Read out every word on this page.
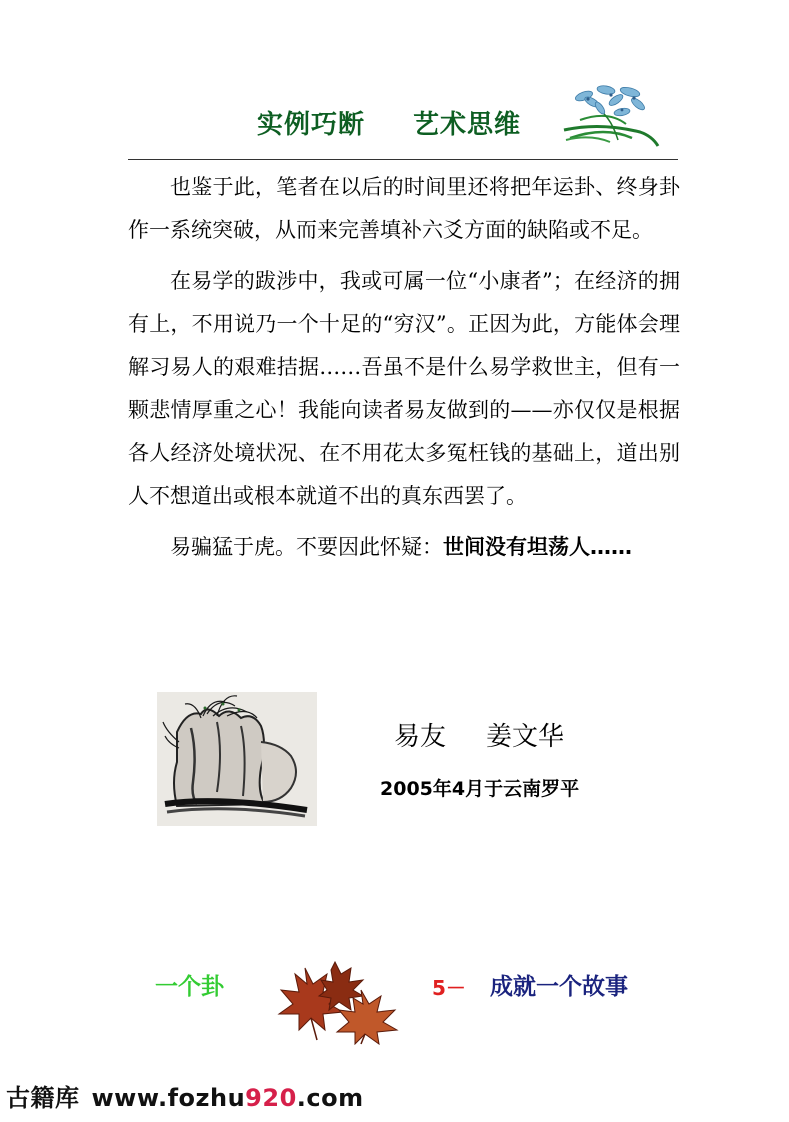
实例巧断 艺术思维

也鉴于此，笔者在以后的时间里还将把年运卦、终身卦作一系统突破，从而来完善填补六爻方面的缺陷或不足。

在易学的跋涉中，我或可属一位“小康者”；在经济的拥有上，不用说乃一个十足的“穷汉”。正因为此，方能体会理解习易人的艰难拮据……吾虽不是什么易学救世主，但有一颗悲情厚重之心！我能向读者易友做到的——亦仅仅是根据各人经济处境状况、在不用花太多冤枉钱的基础上，道出别人不想道出或根本就道不出的真东西罢了。

易骗猛于虎。不要因此怀疑：世间没有坦荡人……

易友 姜文华
2005年4月于云南罗平
一个卦	5－ 成就一个故事
古籍库 www.fozhu920.com
